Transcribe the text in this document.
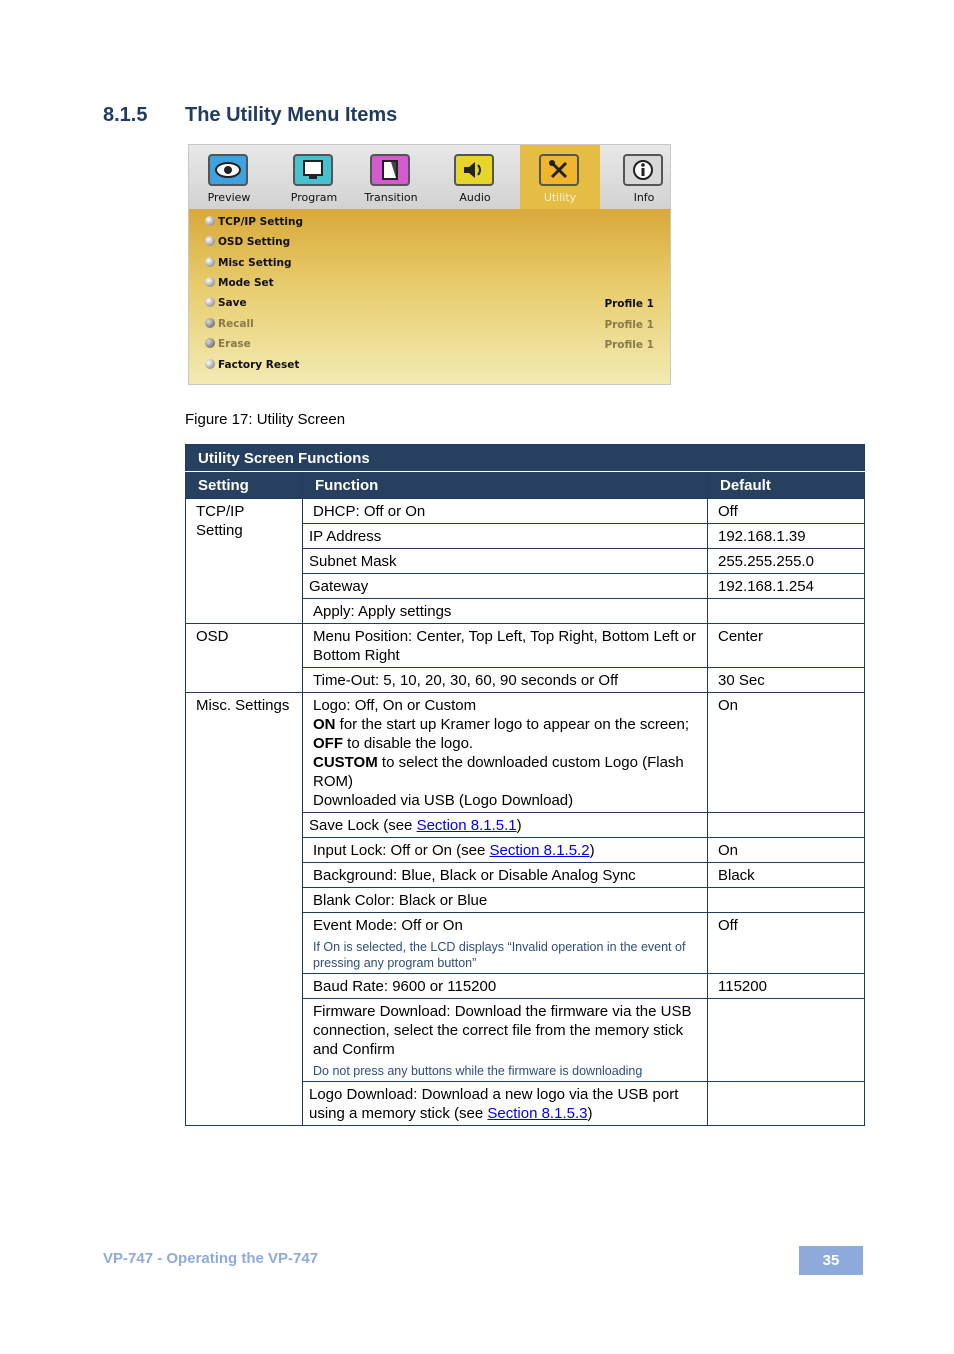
8.1.5 The Utility Menu Items
Preview	Program	Transition	Audio	Utility	Info
TCP/IP Setting
OSD Setting
Misc Setting
Mode Set
Save
Recall
Erase
Factory Reset
Profile 1
Profile 1
Profile 1
Figure 17: Utility Screen
Utility Screen Functions		
Setting	Function	Default
TCP/IP Setting	DHCP: Off or On	Off
	IP Address	192.168.1.39
	Subnet Mask	255.255.255.0
	Gateway	192.168.1.254
	Apply: Apply settings	
OSD	Menu Position: Center, Top Left, Top Right, Bottom Left or Bottom Right	Center
	Time-Out: 5, 10, 20, 30, 60, 90 seconds or Off	30 Sec
Misc. Settings	Logo: Off, On or Custom
ON for the start up Kramer logo to appear on the screen; OFF to disable the logo.
CUSTOM to select the downloaded custom Logo (Flash ROM)
Downloaded via USB (Logo Download)	On
	Save Lock (see Section 8.1.5.1)	
	Input Lock: Off or On (see Section 8.1.5.2)	On
	Background: Blue, Black or Disable Analog Sync	Black
	Blank Color: Black or Blue	
	Event Mode: Off or On
If On is selected, the LCD displays “Invalid operation in the event of pressing any program button”	Off
	Baud Rate: 9600 or 115200	115200
	Firmware Download: Download the firmware via the USB connection, select the correct file from the memory stick and Confirm
Do not press any buttons while the firmware is downloading	

	Logo Download: Download a new logo via the USB port using a memory stick (see Section 8.1.5.3)	
VP-747 - Operating the VP-747	35
